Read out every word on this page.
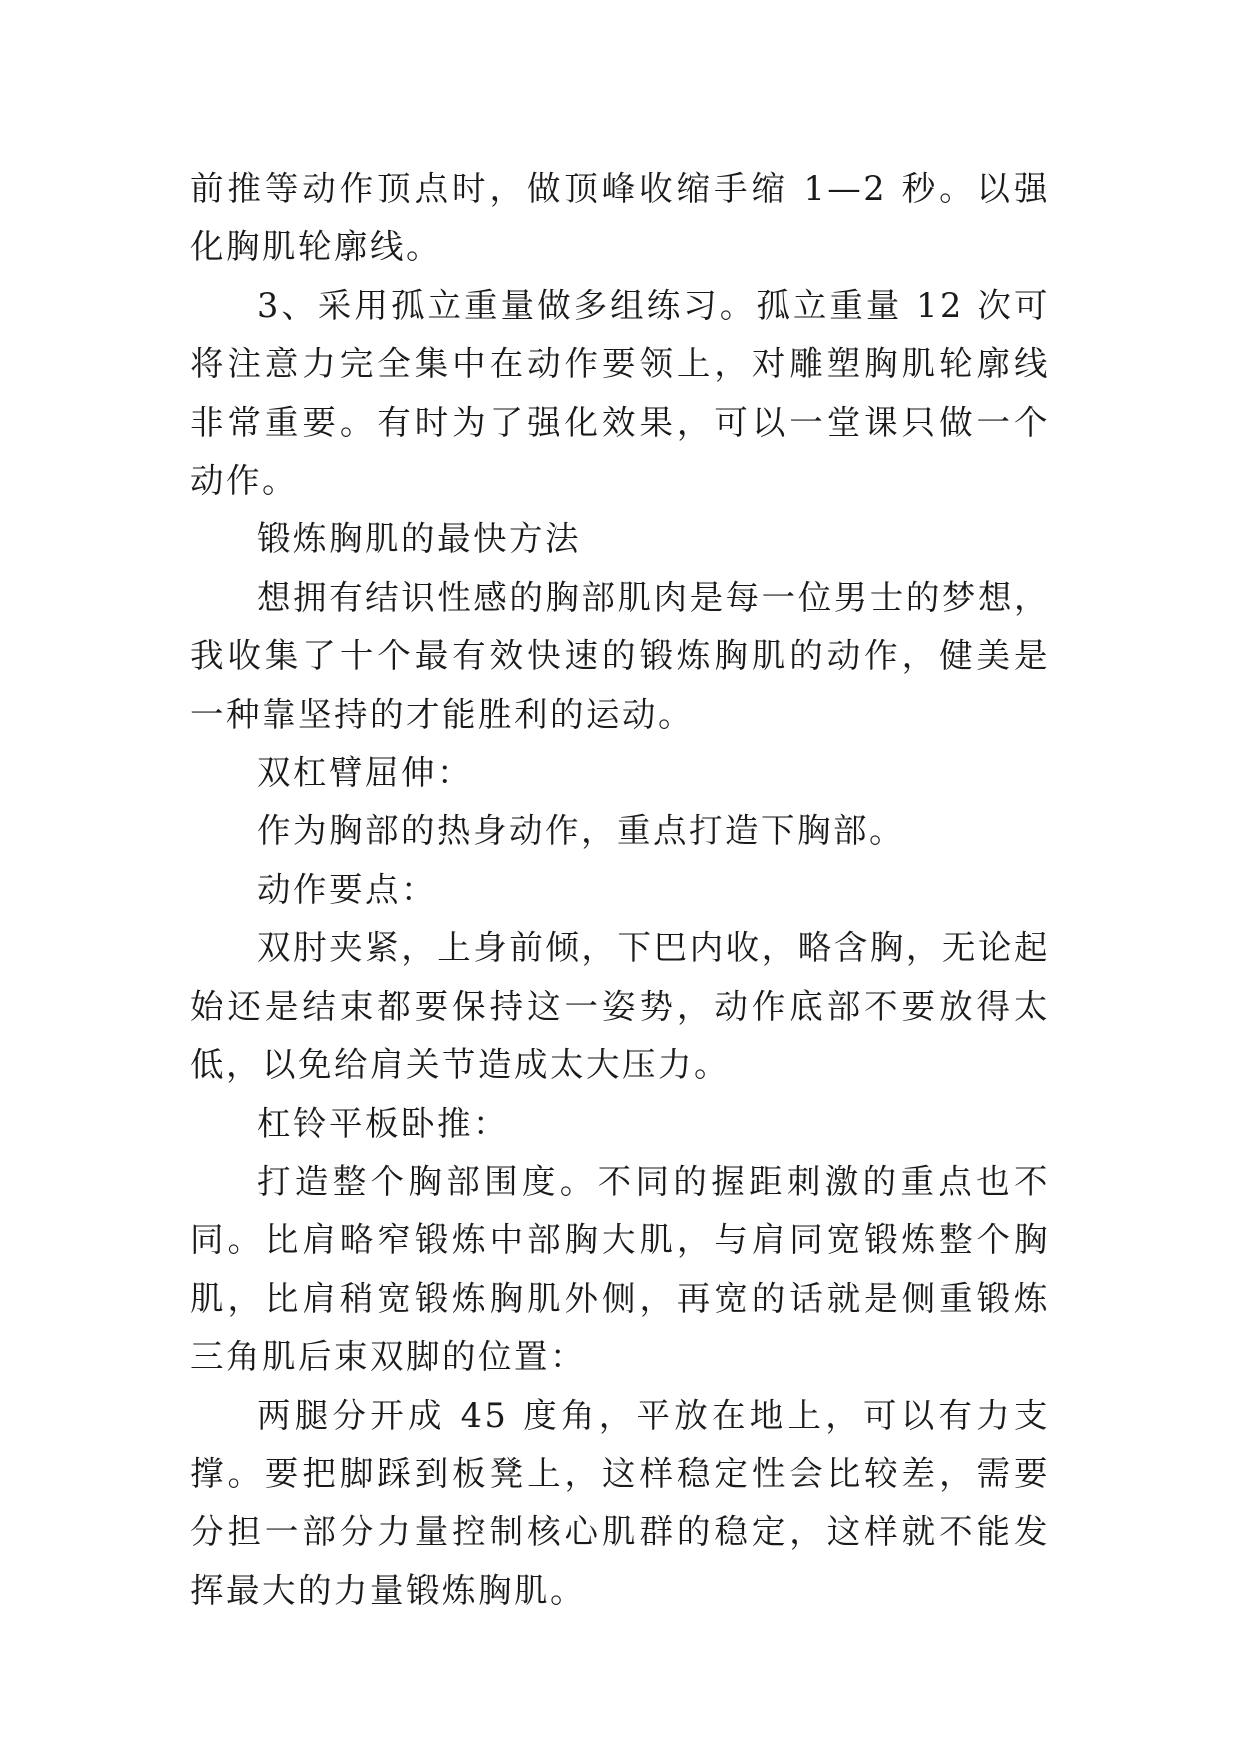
前推等动作顶点时，做顶峰收缩手缩 1—2 秒。以强化胸肌轮廓线。

3、采用孤立重量做多组练习。孤立重量 12 次可将注意力完全集中在动作要领上，对雕塑胸肌轮廓线非常重要。有时为了强化效果，可以一堂课只做一个动作。

锻炼胸肌的最快方法

想拥有结识性感的胸部肌肉是每一位男士的梦想，我收集了十个最有效快速的锻炼胸肌的动作，健美是一种靠坚持的才能胜利的运动。

双杠臂屈伸：

作为胸部的热身动作，重点打造下胸部。

动作要点：

双肘夹紧，上身前倾，下巴内收，略含胸，无论起始还是结束都要保持这一姿势，动作底部不要放得太低，以免给肩关节造成太大压力。

杠铃平板卧推：

打造整个胸部围度。不同的握距刺激的重点也不同。比肩略窄锻炼中部胸大肌，与肩同宽锻炼整个胸肌，比肩稍宽锻炼胸肌外侧，再宽的话就是侧重锻炼三角肌后束双脚的位置：

两腿分开成 45 度角，平放在地上，可以有力支撑。要把脚踩到板凳上，这样稳定性会比较差，需要分担一部分力量控制核心肌群的稳定，这样就不能发挥最大的力量锻炼胸肌。
